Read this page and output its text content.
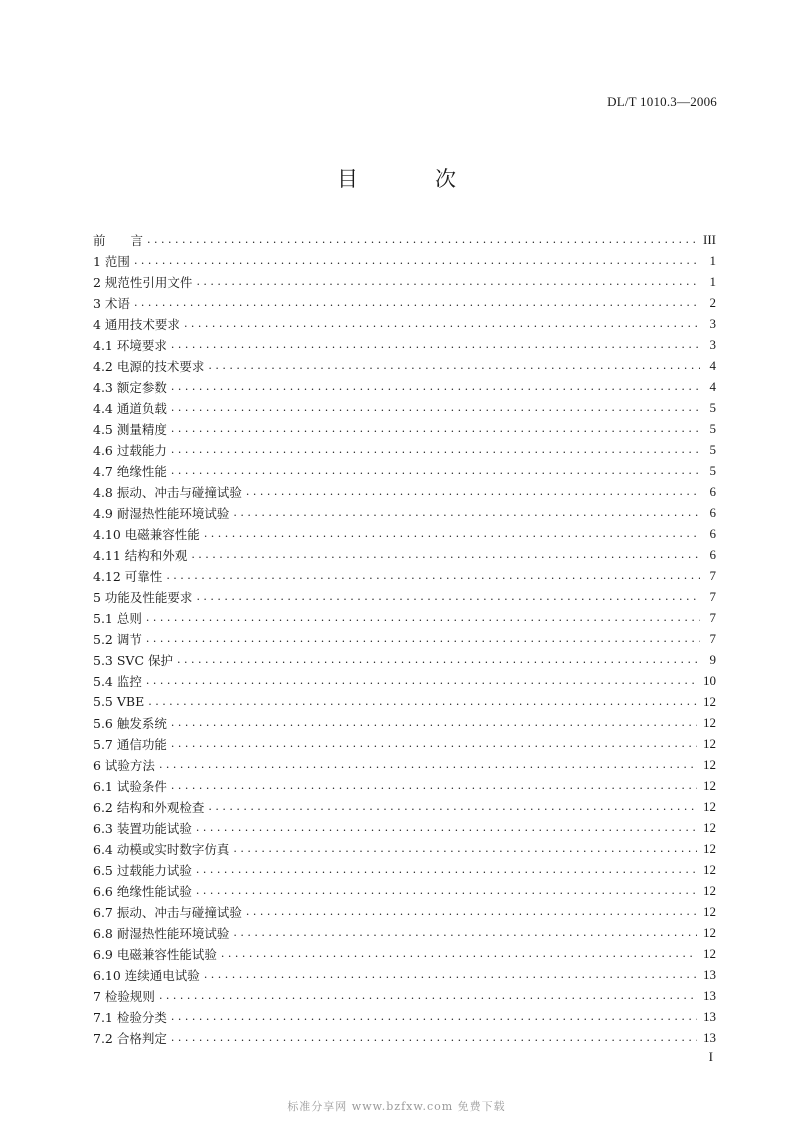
DL/T 1010.3—2006
目　次
前　　言 . . .	III
1 范围 . . .	1
2 规范性引用文件 . . .	1
3 术语 . . .	2
4 通用技术要求 . . .	3
4.1 环境要求 . . .	3
4.2 电源的技术要求 . . .	4
4.3 额定参数 . . .	4
4.4 通道负载 . . .	5
4.5 测量精度 . . .	5
4.6 过载能力 . . .	5
4.7 绝缘性能 . . .	5
4.8 振动、冲击与碰撞试验 . . .	6
4.9 耐湿热性能环境试验 . . .	6
4.10 电磁兼容性能 . . .	6
4.11 结构和外观 . . .	6
4.12 可靠性 . . .	7
5 功能及性能要求 . . .	7
5.1 总则 . . .	7
5.2 调节 . . .	7
5.3 SVC 保护 . . .	9
5.4 监控 . . .	10
5.5 VBE . . .	12
5.6 触发系统 . . .	12
5.7 通信功能 . . .	12
6 试验方法 . . .	12
6.1 试验条件 . . .	12
6.2 结构和外观检查 . . .	12
6.3 装置功能试验 . . .	12
6.4 动模或实时数字仿真 . . .	12
6.5 过载能力试验 . . .	12
6.6 绝缘性能试验 . . .	12
6.7 振动、冲击与碰撞试验 . . .	12
6.8 耐湿热性能环境试验 . . .	12
6.9 电磁兼容性能试验 . . .	12
6.10 连续通电试验 . . .	13
7 检验规则 . . .	13
7.1 检验分类 . . .	13
7.2 合格判定 . . .	13
I
标准分享网 www.bzfxw.com 免费下载
